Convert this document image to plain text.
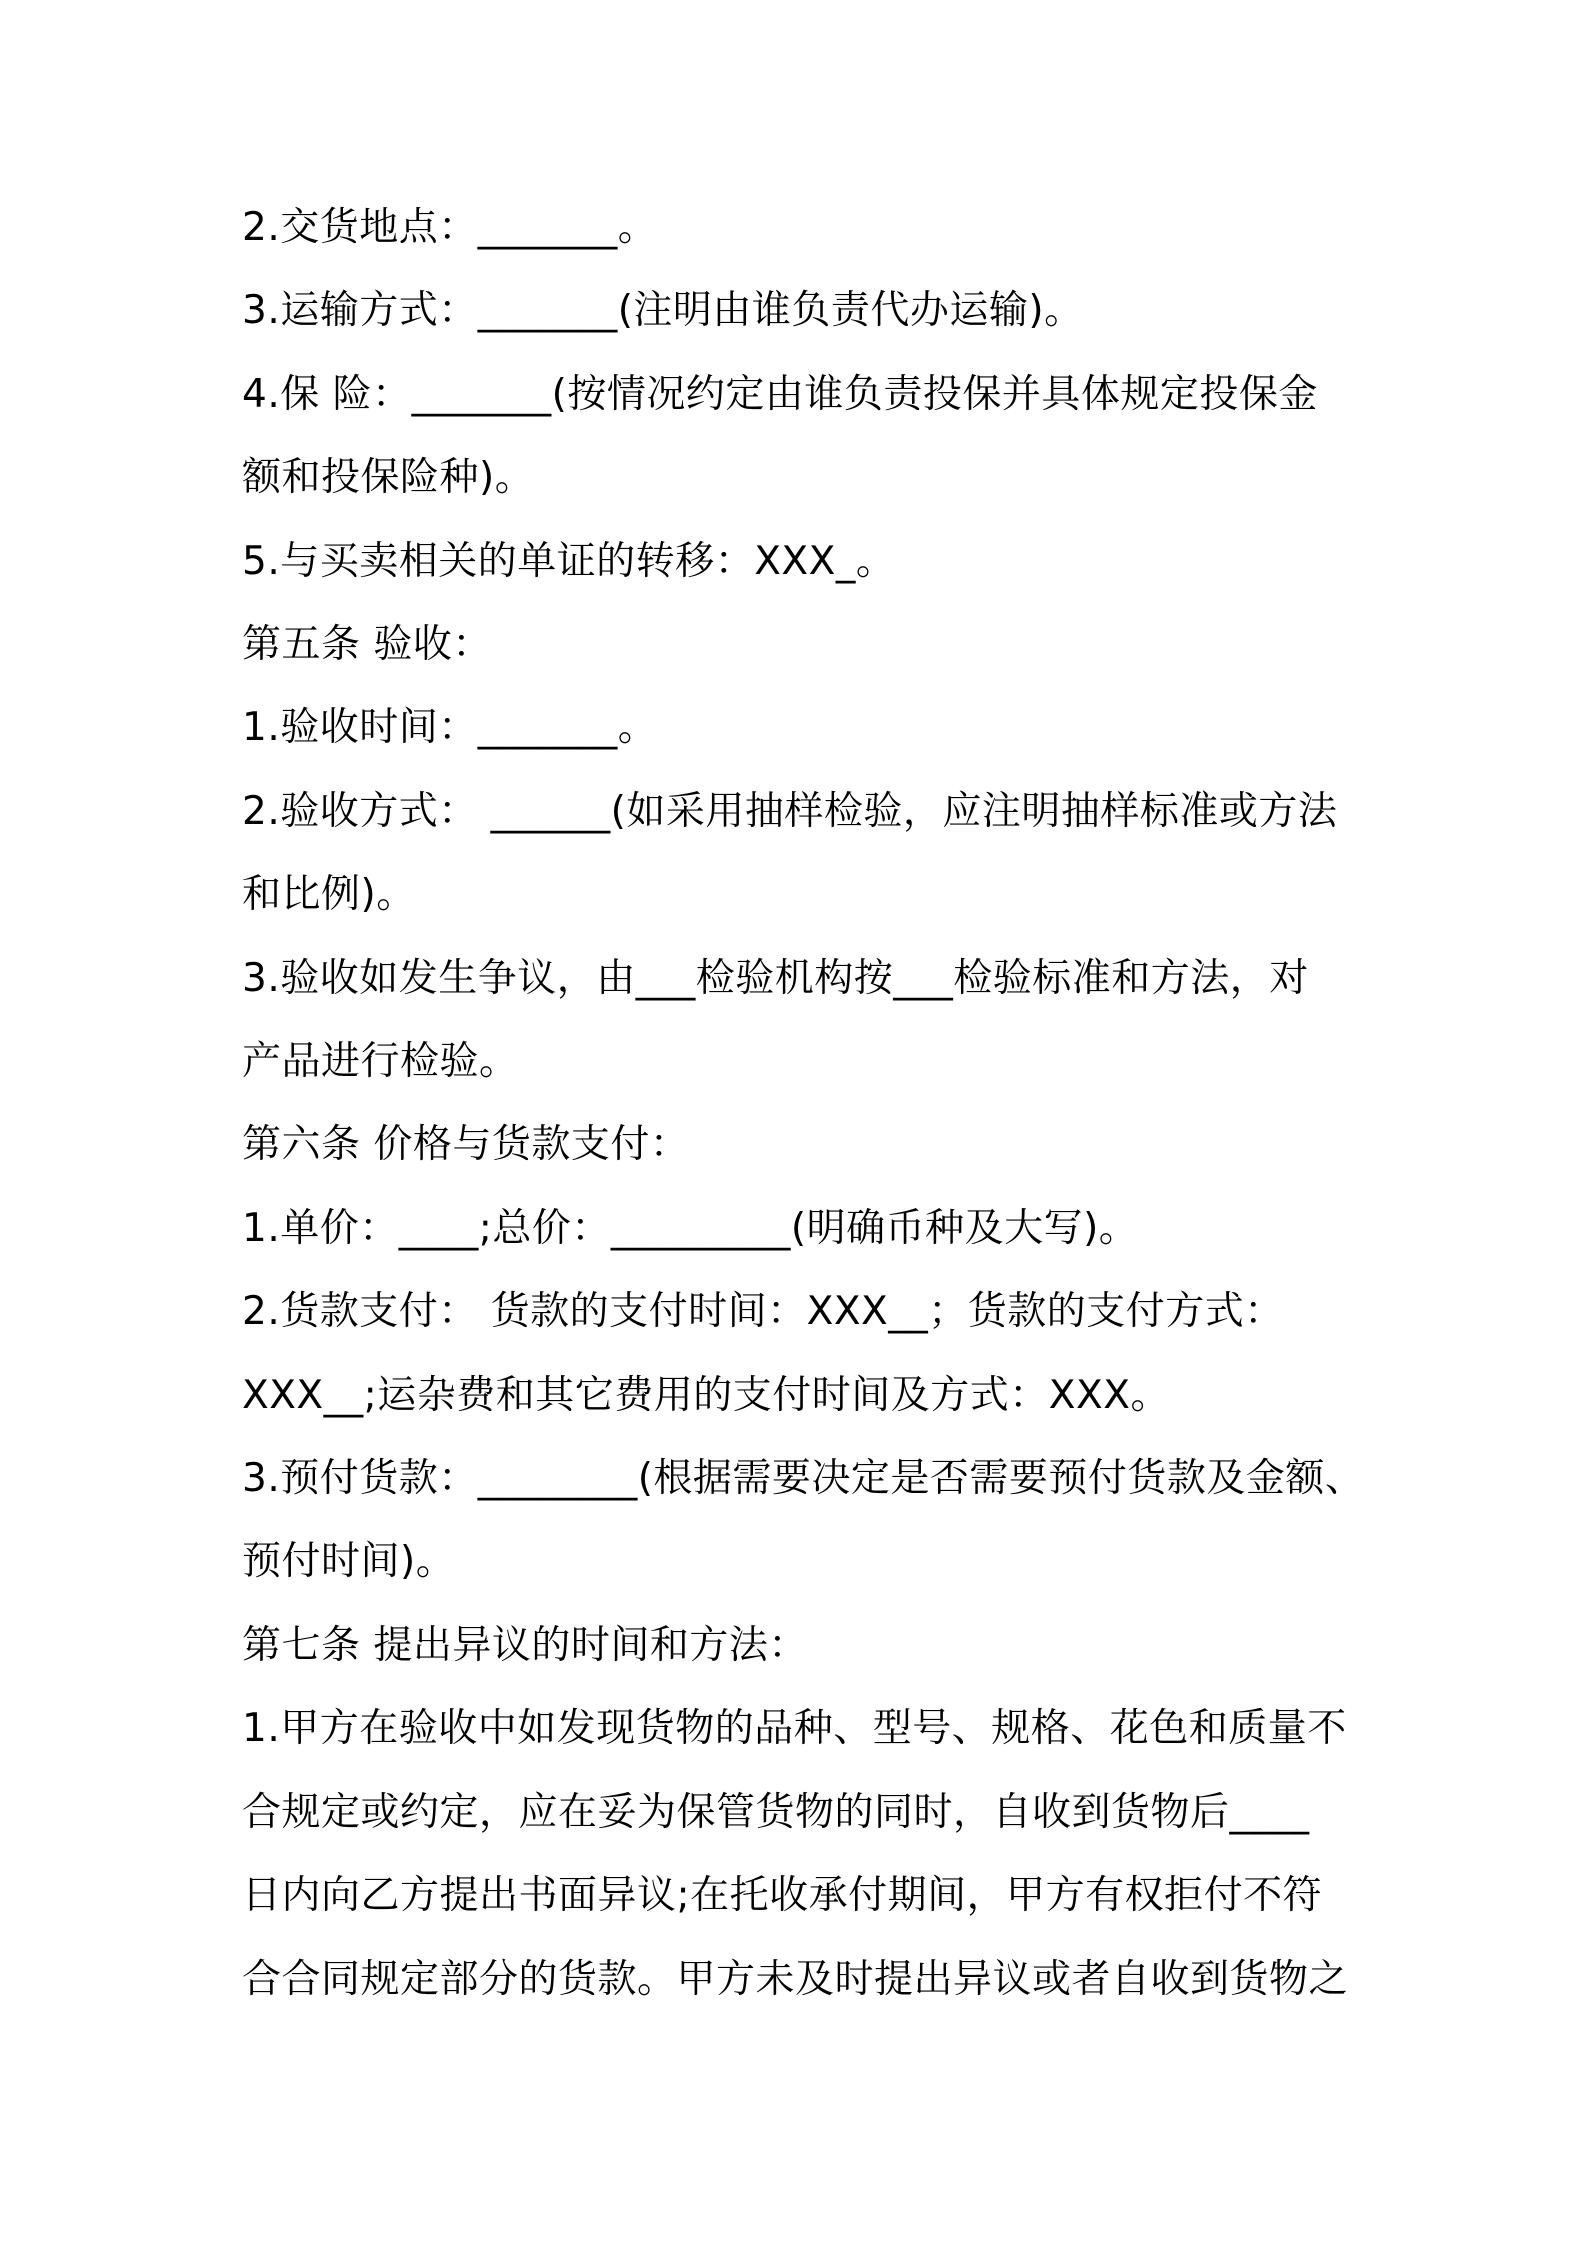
2.交货地点：_______。
3.运输方式：_______(注明由谁负责代办运输)。
4.保 险：_______(按情况约定由谁负责投保并具体规定投保金
额和投保险种)。
5.与买卖相关的单证的转移：XXX_。
第五条 验收：
1.验收时间：_______。
2.验收方式： ______(如采用抽样检验，应注明抽样标准或方法
和比例)。
3.验收如发生争议，由___检验机构按___检验标准和方法，对
产品进行检验。
第六条 价格与货款支付：
1.单价：____;总价：_________(明确币种及大写)。
2.货款支付： 货款的支付时间：XXX__；货款的支付方式：
XXX__;运杂费和其它费用的支付时间及方式：XXX。
3.预付货款：________(根据需要决定是否需要预付货款及金额、
预付时间)。
第七条 提出异议的时间和方法：
1.甲方在验收中如发现货物的品种、型号、规格、花色和质量不
合规定或约定，应在妥为保管货物的同时，自收到货物后____
日内向乙方提出书面异议;在托收承付期间，甲方有权拒付不符
合合同规定部分的货款。甲方未及时提出异议或者自收到货物之
